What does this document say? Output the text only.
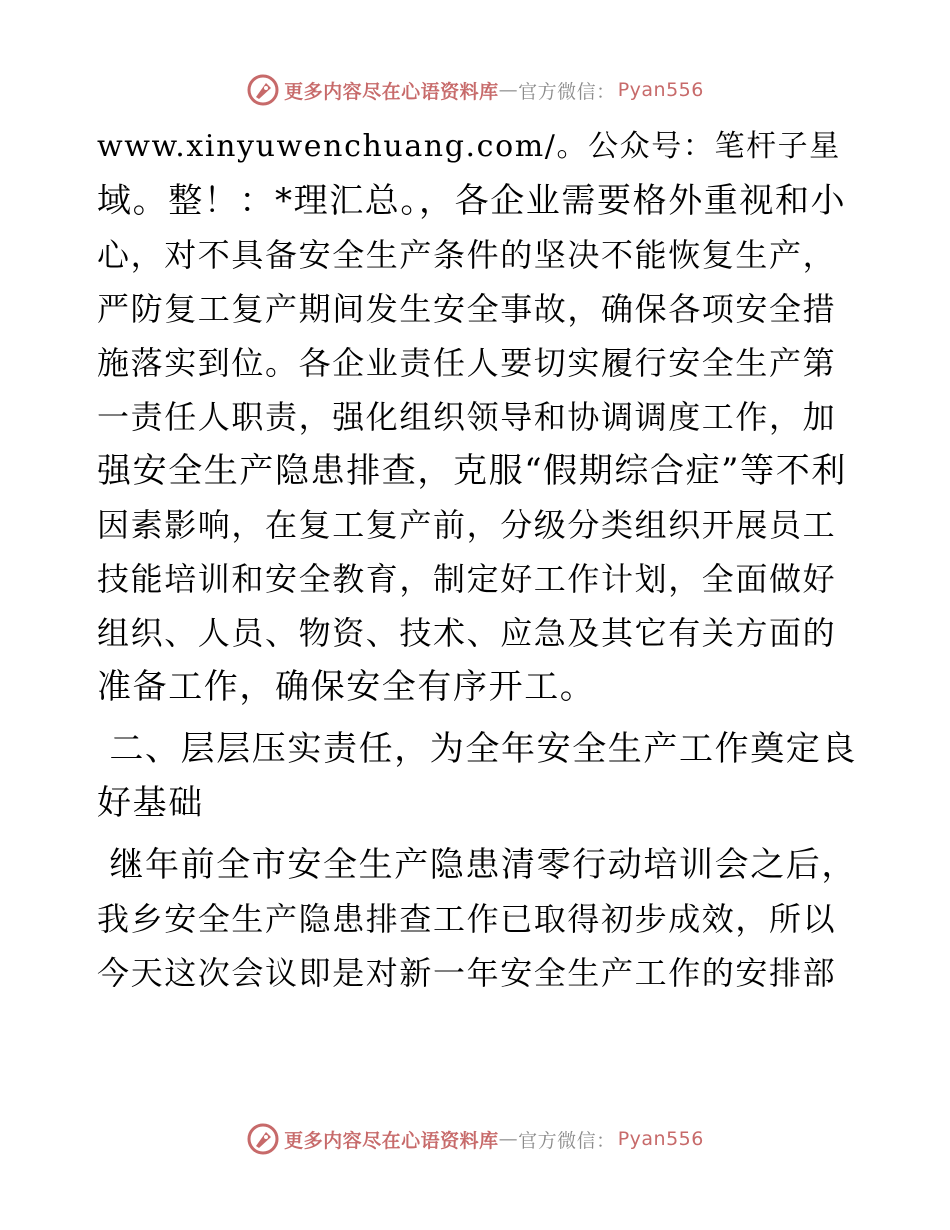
更多内容尽在心语资料库 — 官方微信： Pyan556
www.xinyuwenchuang.com/。公众号：笔杆子星
域。整！：*理汇总。，各企业需要格外重视和小
心，对不具备安全生产条件的坚决不能恢复生产，
严防复工复产期间发生安全事故，确保各项安全措
施落实到位。各企业责任人要切实履行安全生产第
一责任人职责，强化组织领导和协调调度工作，加
强安全生产隐患排查，克服“假期综合症”等不利
因素影响，在复工复产前，分级分类组织开展员工
技能培训和安全教育，制定好工作计划，全面做好
组织、人员、物资、技术、应急及其它有关方面的
准备工作，确保安全有序开工。
二、层层压实责任，为全年安全生产工作奠定良
好基础
继年前全市安全生产隐患清零行动培训会之后，
我乡安全生产隐患排查工作已取得初步成效，所以
今天这次会议即是对新一年安全生产工作的安排部
更多内容尽在心语资料库 — 官方微信： Pyan556
